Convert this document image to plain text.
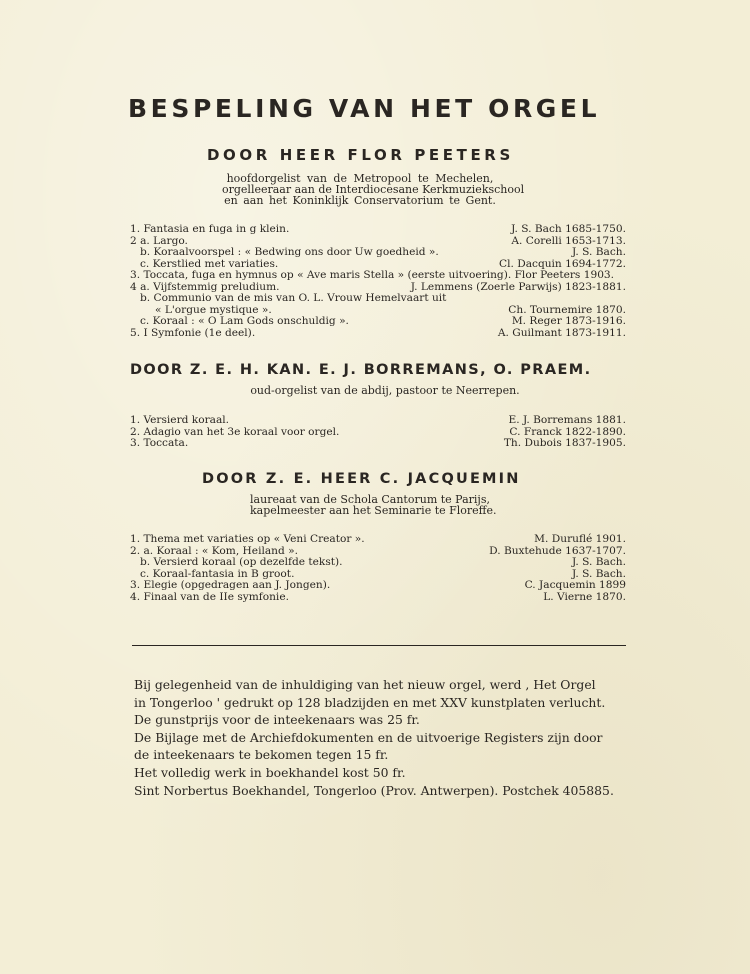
BESPELING VAN HET ORGEL
DOOR HEER FLOR PEETERS
hoofdorgelist van de Metropool te Mechelen,
orgelleeraar aan de Interdiocesane Kerkmuziekschool
en aan het Koninklijk Conservatorium te Gent.
1. Fantasia en fuga in g klein.	J. S. Bach 1685-1750.
2 a. Largo.	A. Corelli 1653-1713.
b. Koraalvoorspel : « Bedwing ons door Uw goedheid ».	J. S. Bach.
c. Kerstlied met variaties.	Cl. Dacquin 1694-1772.
3. Toccata, fuga en hymnus op « Ave maris Stella » (eerste uitvoering). Flor Peeters 1903.
4 a. Vijfstemmig preludium.	J. Lemmens (Zoerle Parwijs) 1823-1881.
b. Communio van de mis van O. L. Vrouw Hemelvaart uit
« L'orgue mystique ».	Ch. Tournemire 1870.
c. Koraal : « O Lam Gods onschuldig ».	M. Reger 1873-1916.
5. I Symfonie (1e deel).	A. Guilmant 1873-1911.
DOOR Z. E. H. KAN. E. J. BORREMANS, O. PRAEM.
oud-orgelist van de abdij, pastoor te Neerrepen.
1. Versierd koraal.	E. J. Borremans 1881.
2. Adagio van het 3e koraal voor orgel.	C. Franck 1822-1890.
3. Toccata.	Th. Dubois 1837-1905.
DOOR Z. E. HEER C. JACQUEMIN
laureaat van de Schola Cantorum te Parijs,
kapelmeester aan het Seminarie te Floreffe.
1. Thema met variaties op « Veni Creator ».	M. Duruflé 1901.
2. a. Koraal : « Kom, Heiland ».	D. Buxtehude 1637-1707.
b. Versierd koraal (op dezelfde tekst).	J. S. Bach.
c. Koraal-fantasia in B groot.	J. S. Bach.
3. Elegie (opgedragen aan J. Jongen).	C. Jacquemin 1899
4. Finaal van de IIe symfonie.	L. Vierne 1870.
Bij gelegenheid van de inhuldiging van het nieuw orgel, werd , Het Orgel
in Tongerloo ' gedrukt op 128 bladzijden en met XXV kunstplaten verlucht.
De gunstprijs voor de inteekenaars was 25 fr.
De Bijlage met de Archiefdokumenten en de uitvoerige Registers zijn door
de inteekenaars te bekomen tegen 15 fr.
Het volledig werk in boekhandel kost 50 fr.
Sint Norbertus Boekhandel, Tongerloo (Prov. Antwerpen). Postchek 405885.
